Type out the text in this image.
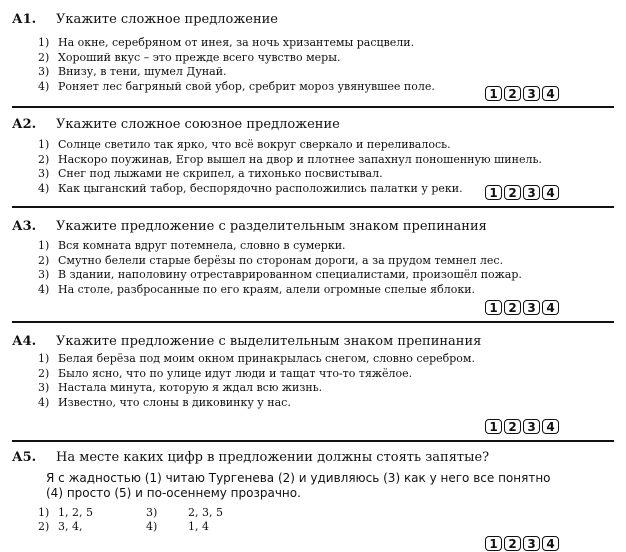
А1. Укажите сложное предложение
1) На окне, серебряном от инея, за ночь хризантемы расцвели.
2) Хороший вкус – это прежде всего чувство меры.
3) Внизу, в тени, шумел Дунай.
4) Роняет лес багряный свой убор, сребрит мороз увянувшее поле.
1 2 3 4
А2. Укажите сложное союзное предложение
1) Солнце светило так ярко, что всё вокруг сверкало и переливалось.
2) Наскоро поужинав, Егор вышел на двор и плотнее запахнул поношенную шинель.
3) Снег под лыжами не скрипел, а тихонько посвистывал.
4) Как цыганский табор, беспорядочно расположились палатки у реки.	1 2 3 4
А3. Укажите предложение с разделительным знаком препинания
1) Вся комната вдруг потемнела, словно в сумерки.
2) Смутно белели старые берёзы по сторонам дороги, а за прудом темнел лес.
3) В здании, наполовину отреставрированном специалистами, произошёл пожар.
4) На столе, разбросанные по его краям, алели огромные спелые яблоки.
1 2 3 4
А4. Укажите предложение с выделительным знаком препинания
1) Белая берёза под моим окном принакрылась снегом, словно серебром.
2) Было ясно, что по улице идут люди и тащат что-то тяжёлое.
3) Настала минута, которую я ждал всю жизнь.
4) Известно, что слоны в диковинку у нас.
1 2 3 4
А5. На месте каких цифр в предложении должны стоять запятые?
Я с жадностью (1) читаю Тургенева (2) и удивляюсь (3) как у него все понятно (4) просто (5) и по-осеннему прозрачно.
1) 1, 2, 5	3)	2, 3, 5
2) 3, 4,	4)	1, 4
1 2 3 4
